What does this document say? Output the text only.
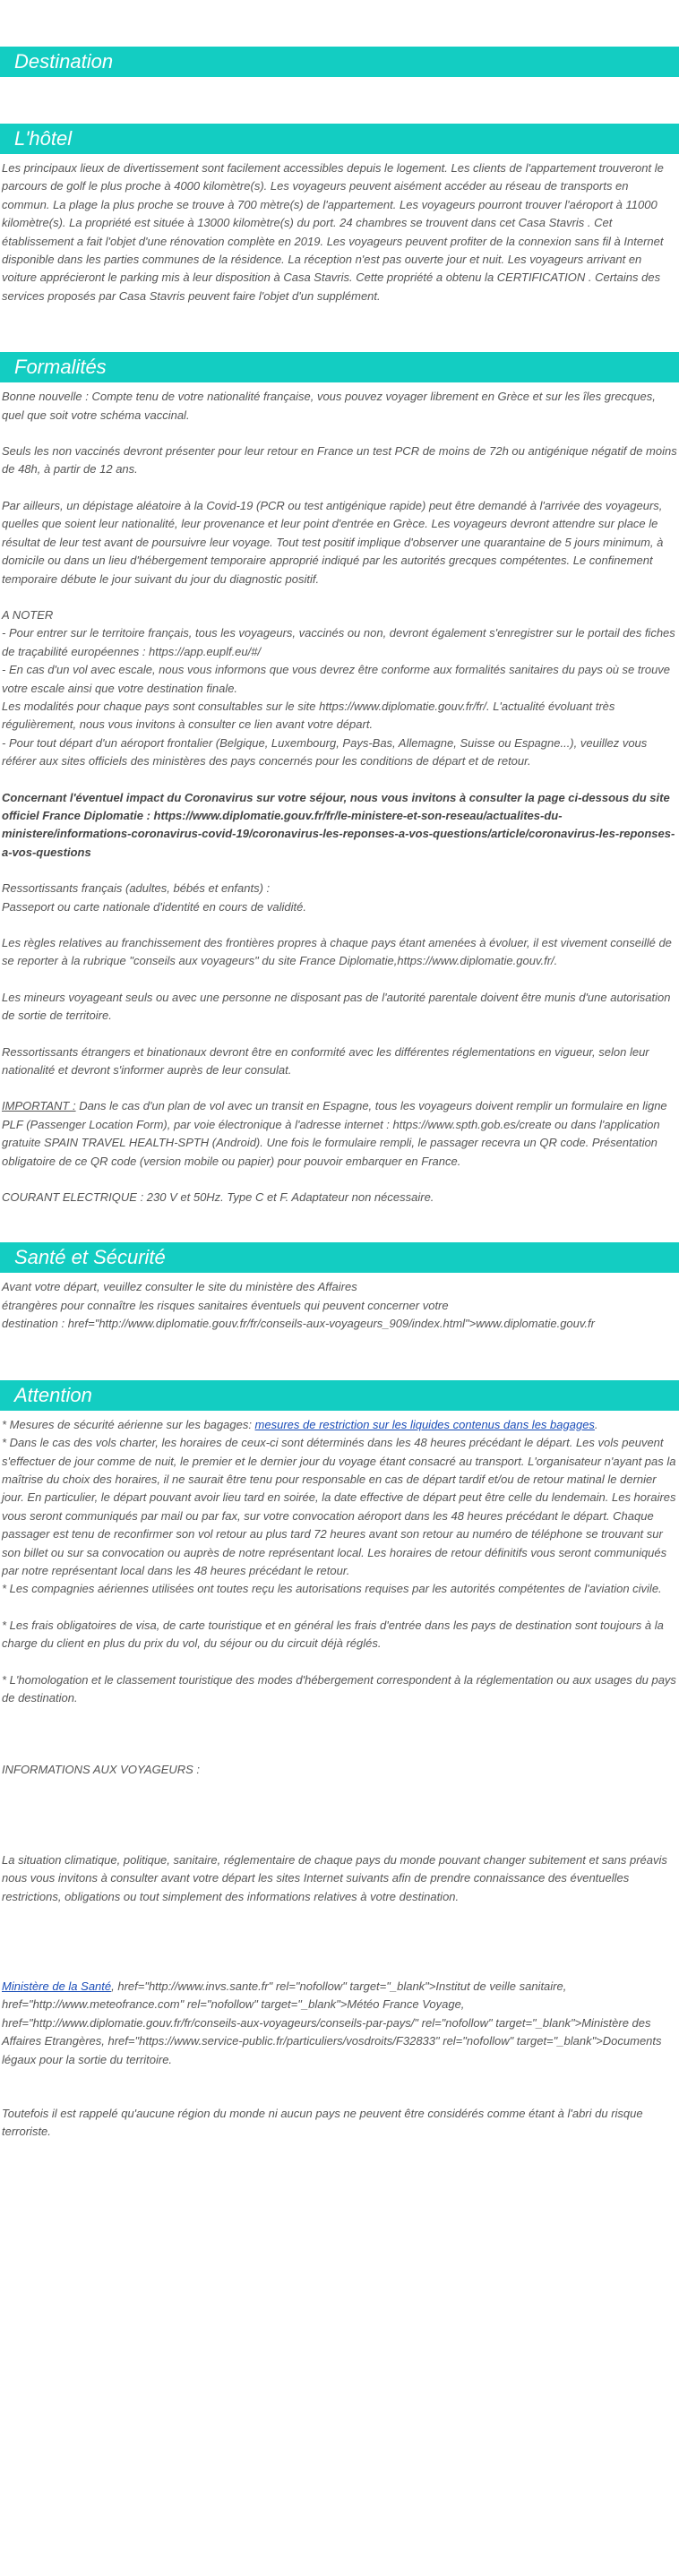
Destination
L'hôtel

Les principaux lieux de divertissement sont facilement accessibles depuis le logement. Les clients de l'appartement trouveront le parcours de golf le plus proche à 4000 kilomètre(s). Les voyageurs peuvent aisément accéder au réseau de transports en commun. La plage la plus proche se trouve à 700 mètre(s) de l'appartement. Les voyageurs pourront trouver l'aéroport à 11000 kilomètre(s). La propriété est située à 13000 kilomètre(s) du port. 24 chambres se trouvent dans cet Casa Stavris . Cet établissement a fait l'objet d'une rénovation complète en 2019. Les voyageurs peuvent profiter de la connexion sans fil à Internet disponible dans les parties communes de la résidence. La réception n'est pas ouverte jour et nuit. Les voyageurs arrivant en voiture apprécieront le parking mis à leur disposition à Casa Stavris. Cette propriété a obtenu la CERTIFICATION . Certains des services proposés par Casa Stavris peuvent faire l'objet d'un supplément.

Formalités

Bonne nouvelle : Compte tenu de votre nationalité française, vous pouvez voyager librement en Grèce et sur les îles grecques, quel que soit votre schéma vaccinal.

Seuls les non vaccinés devront présenter pour leur retour en France un test PCR de moins de 72h ou antigénique négatif de moins de 48h, à partir de 12 ans.

Par ailleurs, un dépistage aléatoire à la Covid-19 (PCR ou test antigénique rapide) peut être demandé à l'arrivée des voyageurs, quelles que soient leur nationalité, leur provenance et leur point d'entrée en Grèce. Les voyageurs devront attendre sur place le résultat de leur test avant de poursuivre leur voyage. Tout test positif implique d'observer une quarantaine de 5 jours minimum, à domicile ou dans un lieu d'hébergement temporaire approprié indiqué par les autorités grecques compétentes. Le confinement temporaire débute le jour suivant du jour du diagnostic positif.

A NOTER

- Pour entrer sur le territoire français, tous les voyageurs, vaccinés ou non, devront également s'enregistrer sur le portail des fiches de traçabilité européennes : https://app.euplf.eu/#/

- En cas d'un vol avec escale, nous vous informons que vous devrez être conforme aux formalités sanitaires du pays où se trouve votre escale ainsi que votre destination finale.

Les modalités pour chaque pays sont consultables sur le site https://www.diplomatie.gouv.fr/fr/. L'actualité évoluant très régulièrement, nous vous invitons à consulter ce lien avant votre départ.

- Pour tout départ d'un aéroport frontalier (Belgique, Luxembourg, Pays-Bas, Allemagne, Suisse ou Espagne...), veuillez vous référer aux sites officiels des ministères des pays concernés pour les conditions de départ et de retour.

Concernant l'éventuel impact du Coronavirus sur votre séjour, nous vous invitons à consulter la page ci-dessous du site officiel France Diplomatie : https://www.diplomatie.gouv.fr/fr/le-ministere-et-son-reseau/actualites-du-ministere/informations-coronavirus-covid-19/coronavirus-les-reponses-a-vos-questions/article/coronavirus-les-reponses-a-vos-questions

Ressortissants français (adultes, bébés et enfants) :

Passeport ou carte nationale d'identité en cours de validité.

Les règles relatives au franchissement des frontières propres à chaque pays étant amenées à évoluer, il est vivement conseillé de se reporter à la rubrique "conseils aux voyageurs" du site France Diplomatie,https://www.diplomatie.gouv.fr/.

Les mineurs voyageant seuls ou avec une personne ne disposant pas de l'autorité parentale doivent être munis d'une autorisation de sortie de territoire.

Ressortissants étrangers et binationaux devront être en conformité avec les différentes réglementations en vigueur, selon leur nationalité et devront s'informer auprès de leur consulat.

IMPORTANT : Dans le cas d'un plan de vol avec un transit en Espagne, tous les voyageurs doivent remplir un formulaire en ligne PLF (Passenger Location Form), par voie électronique à l'adresse internet : https://www.spth.gob.es/create ou dans l'application gratuite SPAIN TRAVEL HEALTH-SPTH (Android). Une fois le formulaire rempli, le passager recevra un QR code. Présentation obligatoire de ce QR code (version mobile ou papier) pour pouvoir embarquer en France.

COURANT ELECTRIQUE : 230 V et 50Hz. Type C et F. Adaptateur non nécessaire.

Santé et Sécurité

Avant votre départ, veuillez consulter le site du ministère des Affaires

étrangères pour connaître les risques sanitaires éventuels qui peuvent concerner votre

destination : href="http://www.diplomatie.gouv.fr/fr/conseils-aux-voyageurs_909/index.html">www.diplomatie.gouv.fr

Attention

* Mesures de sécurité aérienne sur les bagages: mesures de restriction sur les liquides contenus dans les bagages.

* Dans le cas des vols charter, les horaires de ceux-ci sont déterminés dans les 48 heures précédant le départ. Les vols peuvent s'effectuer de jour comme de nuit, le premier et le dernier jour du voyage étant consacré au transport. L'organisateur n'ayant pas la maîtrise du choix des horaires, il ne saurait être tenu pour responsable en cas de départ tardif et/ou de retour matinal le dernier jour. En particulier, le départ pouvant avoir lieu tard en soirée, la date effective de départ peut être celle du lendemain. Les horaires vous seront communiqués par mail ou par fax, sur votre convocation aéroport dans les 48 heures précédant le départ. Chaque passager est tenu de reconfirmer son vol retour au plus tard 72 heures avant son retour au numéro de téléphone se trouvant sur son billet ou sur sa convocation ou auprès de notre représentant local. Les horaires de retour définitifs vous seront communiqués par notre représentant local dans les 48 heures précédant le retour.

* Les compagnies aériennes utilisées ont toutes reçu les autorisations requises par les autorités compétentes de l'aviation civile.

* Les frais obligatoires de visa, de carte touristique et en général les frais d'entrée dans les pays de destination sont toujours à la charge du client en plus du prix du vol, du séjour ou du circuit déjà réglés.

* L'homologation et le classement touristique des modes d'hébergement correspondent à la réglementation ou aux usages du pays de destination.

INFORMATIONS AUX VOYAGEURS :

La situation climatique, politique, sanitaire, réglementaire de chaque pays du monde pouvant changer subitement et sans préavis

nous vous invitons à consulter avant votre départ les sites Internet suivants afin de prendre connaissance des éventuelles restrictions, obligations ou tout simplement des informations relatives à votre destination.

Ministère de la Santé, href="http://www.invs.sante.fr" rel="nofollow" target="_blank">Institut de veille sanitaire, href="http://www.meteofrance.com" rel="nofollow" target="_blank">Météo France Voyage, href="http://www.diplomatie.gouv.fr/fr/conseils-aux-voyageurs/conseils-par-pays/" rel="nofollow" target="_blank">Ministère des Affaires Etrangères, href="https://www.service-public.fr/particuliers/vosdroits/F32833" rel="nofollow" target="_blank">Documents légaux pour la sortie du territoire.

Toutefois il est rappelé qu'aucune région du monde ni aucun pays ne peuvent être considérés comme étant à l'abri du risque terroriste.
